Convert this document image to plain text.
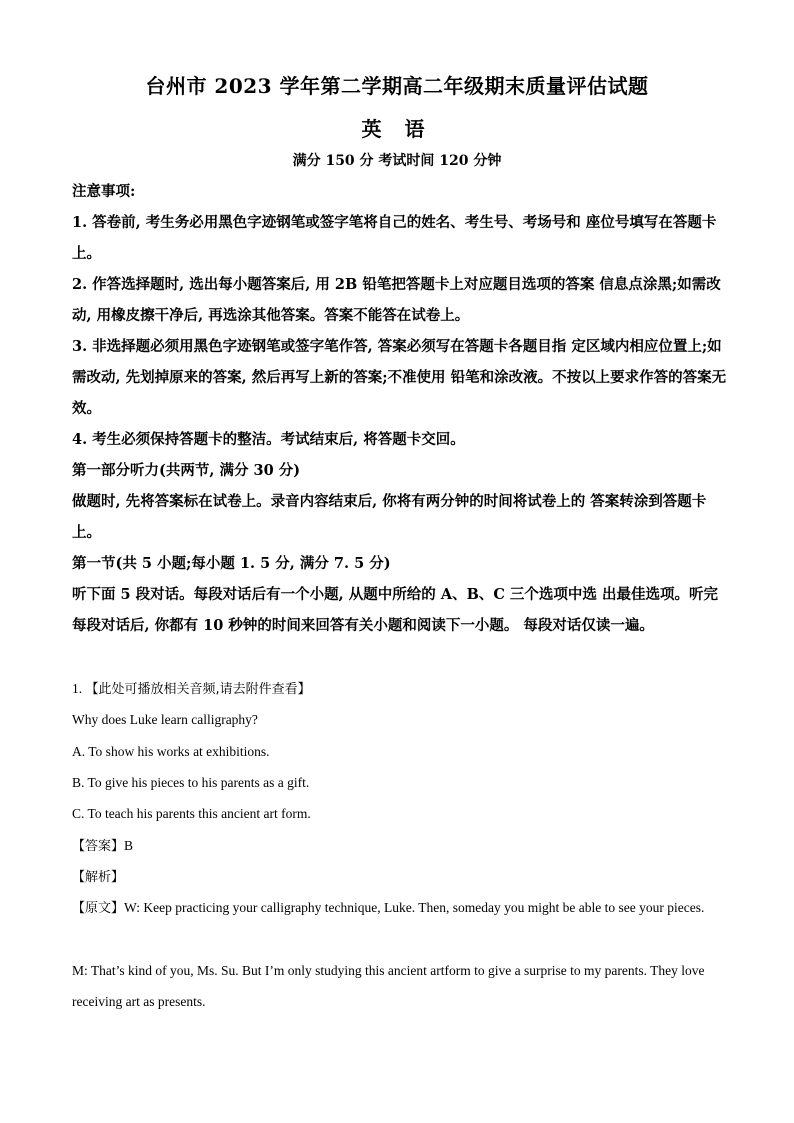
台州市 2023 学年第二学期高二年级期末质量评估试题
英 语
满分 150 分 考试时间 120 分钟

注意事项:

1. 答卷前, 考生务必用黑色字迹钢笔或签字笔将自己的姓名、考生号、考场号和 座位号填写在答题卡上。

2. 作答选择题时, 选出每小题答案后, 用 2B 铅笔把答题卡上对应题目选项的答案 信息点涂黑;如需改动, 用橡皮擦干净后, 再选涂其他答案。答案不能答在试卷上。

3. 非选择题必须用黑色字迹钢笔或签字笔作答, 答案必须写在答题卡各题目指 定区域内相应位置上;如需改动, 先划掉原来的答案, 然后再写上新的答案;不准使用 铅笔和涂改液。不按以上要求作答的答案无效。

4. 考生必须保持答题卡的整洁。考试结束后, 将答题卡交回。

第一部分听力(共两节, 满分 30 分)

做题时, 先将答案标在试卷上。录音内容结束后, 你将有两分钟的时间将试卷上的 答案转涂到答题卡上。

第一节(共 5 小题;每小题 1. 5 分, 满分 7. 5 分)

听下面 5 段对话。每段对话后有一个小题, 从题中所给的 A、B、C 三个选项中选 出最佳选项。听完每段对话后, 你都有 10 秒钟的时间来回答有关小题和阅读下一小题。 每段对话仅读一遍。

1. 【此处可播放相关音频,请去附件查看】

Why does Luke learn calligraphy?

A. To show his works at exhibitions.

B. To give his pieces to his parents as a gift.

C. To teach his parents this ancient art form.

【答案】B

【解析】

【原文】W: Keep practicing your calligraphy technique, Luke. Then, someday you might be able to see your pieces.

M: That’s kind of you, Ms. Su. But I’m only studying this ancient artform to give a surprise to my parents. They love receiving art as presents.
